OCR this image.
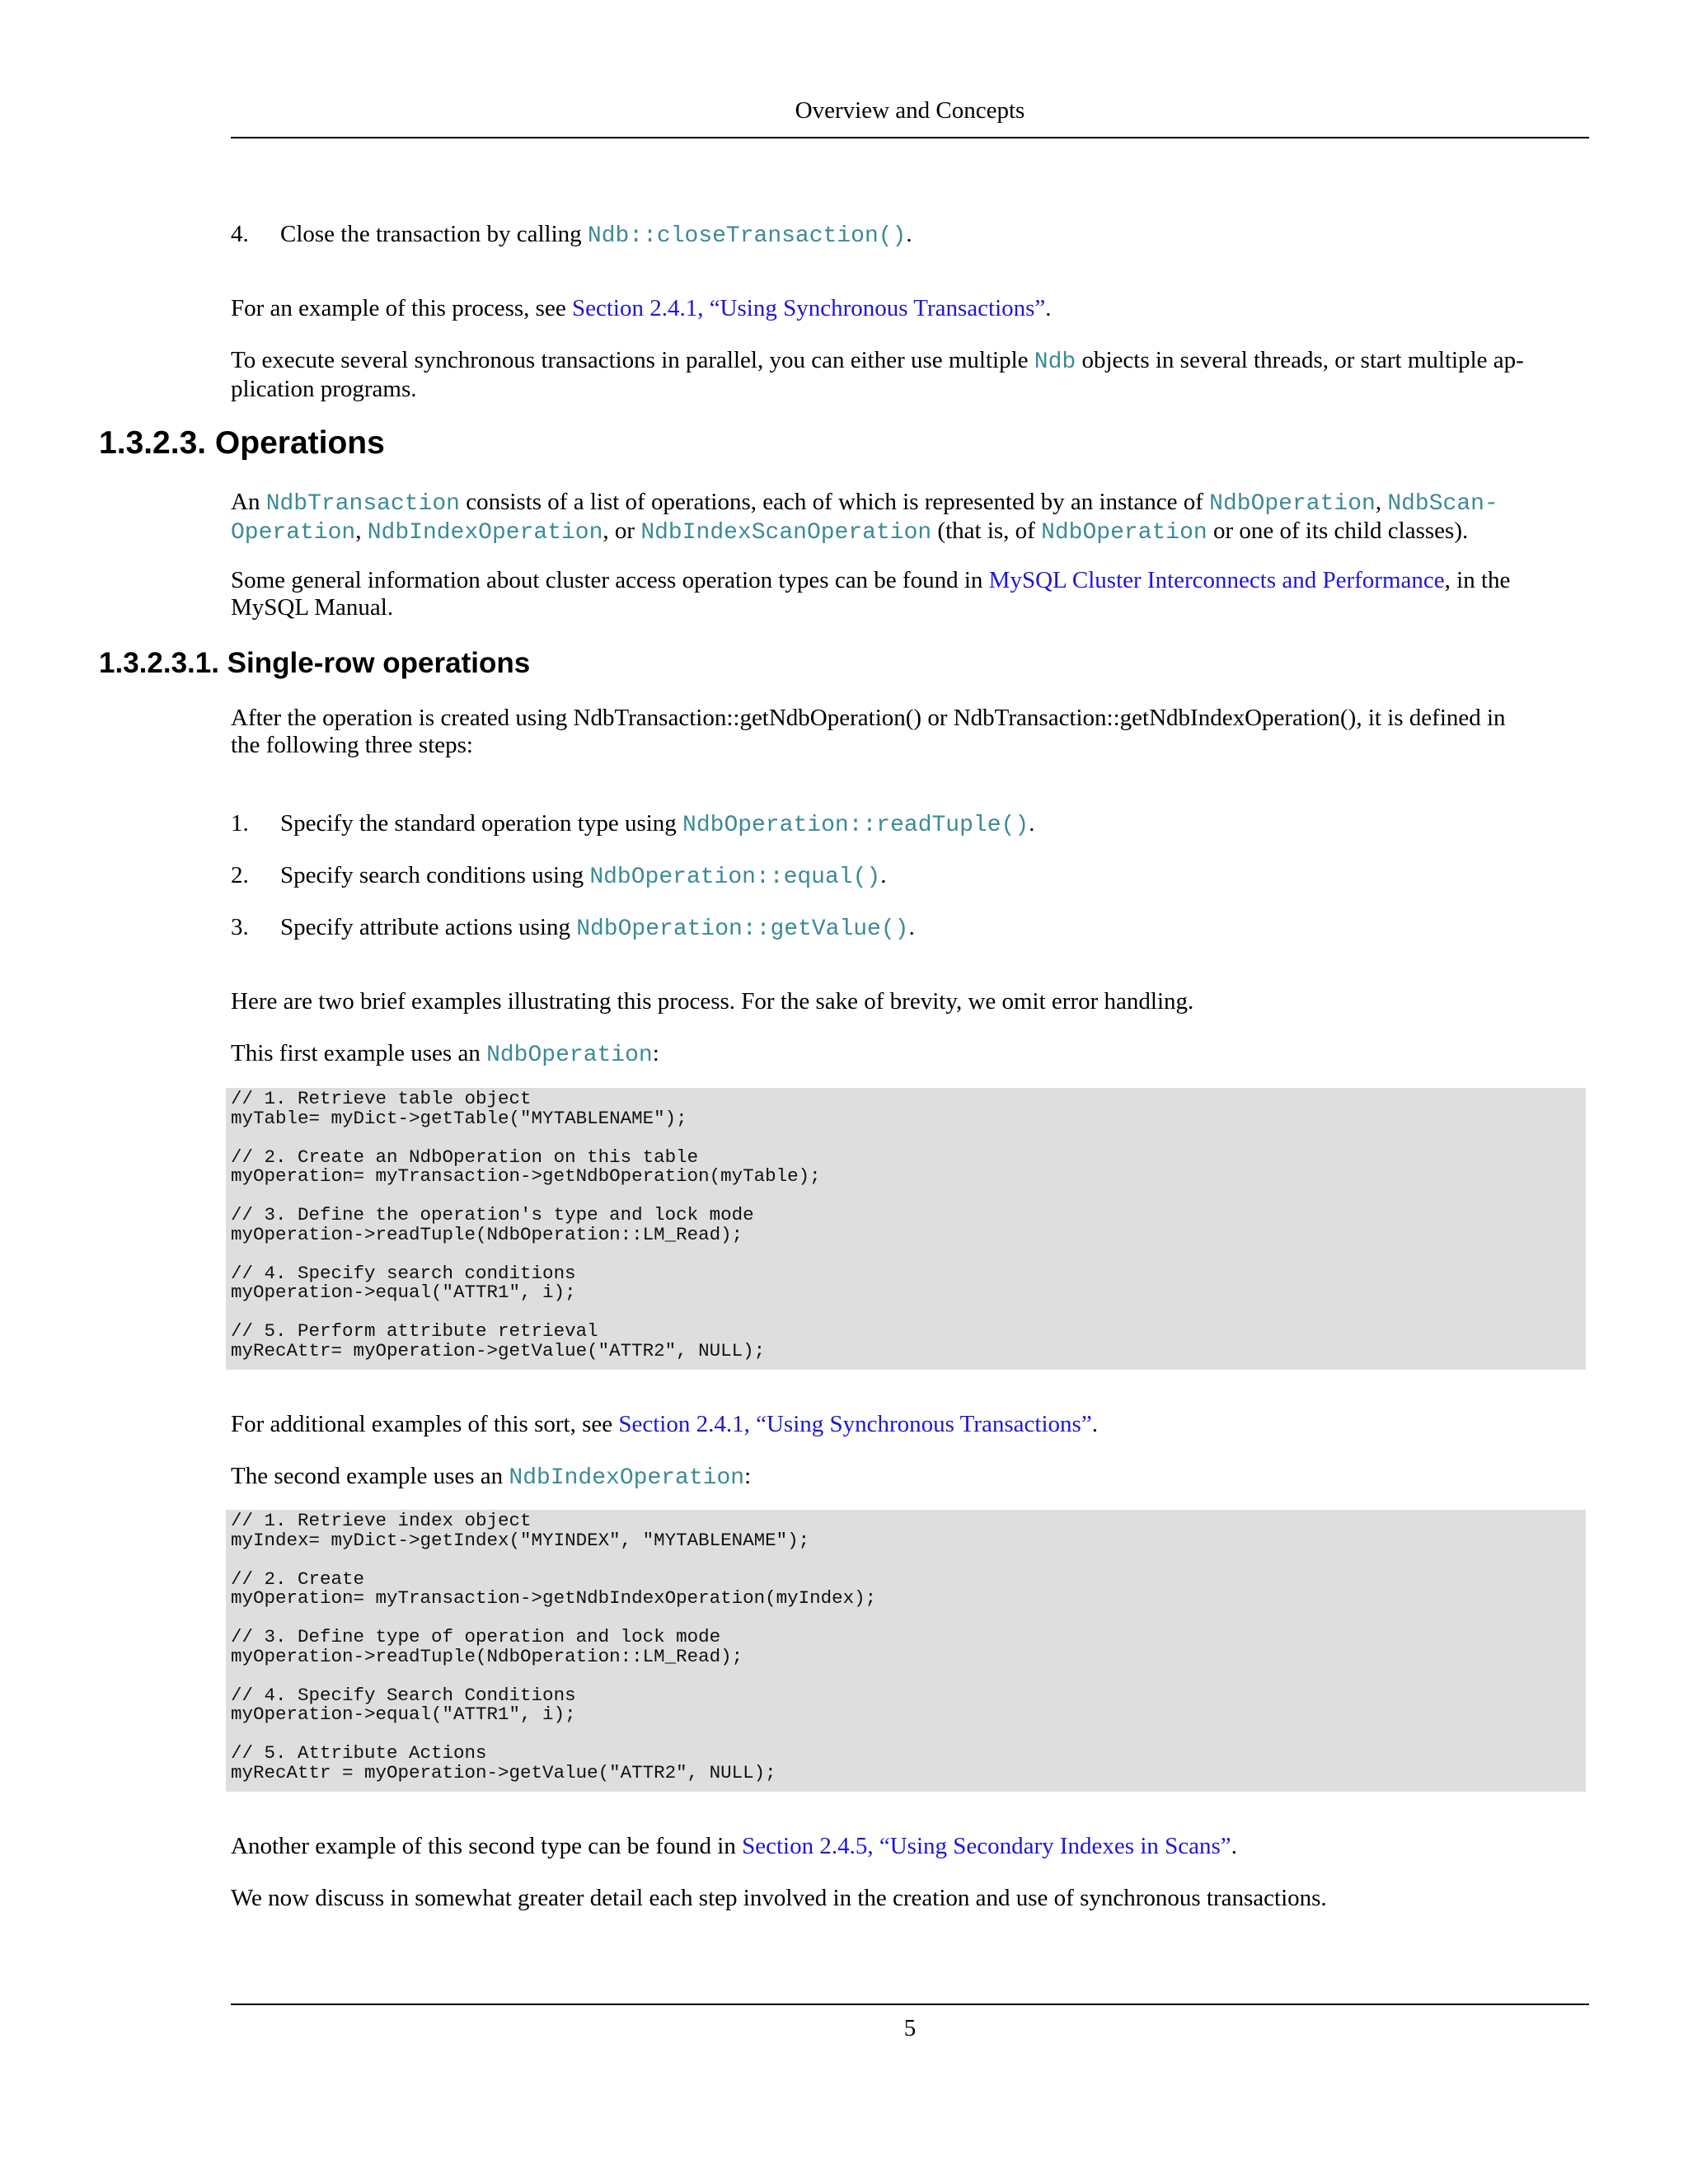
Overview and Concepts
4. Close the transaction by calling Ndb::closeTransaction().
For an example of this process, see Section 2.4.1, “Using Synchronous Transactions”.
To execute several synchronous transactions in parallel, you can either use multiple Ndb objects in several threads, or start multiple ap-
plication programs.
1.3.2.3. Operations
An NdbTransaction consists of a list of operations, each of which is represented by an instance of NdbOperation, NdbScan-
Operation, NdbIndexOperation, or NdbIndexScanOperation (that is, of NdbOperation or one of its child classes).
Some general information about cluster access operation types can be found in MySQL Cluster Interconnects and Performance, in the
MySQL Manual.
1.3.2.3.1. Single-row operations
After the operation is created using NdbTransaction::getNdbOperation() or NdbTransaction::getNdbIndexOperation(), it is defined in
the following three steps:
1. Specify the standard operation type using NdbOperation::readTuple().
2. Specify search conditions using NdbOperation::equal().
3. Specify attribute actions using NdbOperation::getValue().
Here are two brief examples illustrating this process. For the sake of brevity, we omit error handling.
This first example uses an NdbOperation:
// 1. Retrieve table object
myTable= myDict->getTable("MYTABLENAME");
// 2. Create an NdbOperation on this table
myOperation= myTransaction->getNdbOperation(myTable);
// 3. Define the operation's type and lock mode
myOperation->readTuple(NdbOperation::LM_Read);
// 4. Specify search conditions
myOperation->equal("ATTR1", i);
// 5. Perform attribute retrieval
myRecAttr= myOperation->getValue("ATTR2", NULL);
For additional examples of this sort, see Section 2.4.1, “Using Synchronous Transactions”.
The second example uses an NdbIndexOperation:
// 1. Retrieve index object
myIndex= myDict->getIndex("MYINDEX", "MYTABLENAME");
// 2. Create
myOperation= myTransaction->getNdbIndexOperation(myIndex);
// 3. Define type of operation and lock mode
myOperation->readTuple(NdbOperation::LM_Read);
// 4. Specify Search Conditions
myOperation->equal("ATTR1", i);
// 5. Attribute Actions
myRecAttr = myOperation->getValue("ATTR2", NULL);
Another example of this second type can be found in Section 2.4.5, “Using Secondary Indexes in Scans”.
We now discuss in somewhat greater detail each step involved in the creation and use of synchronous transactions.
5
